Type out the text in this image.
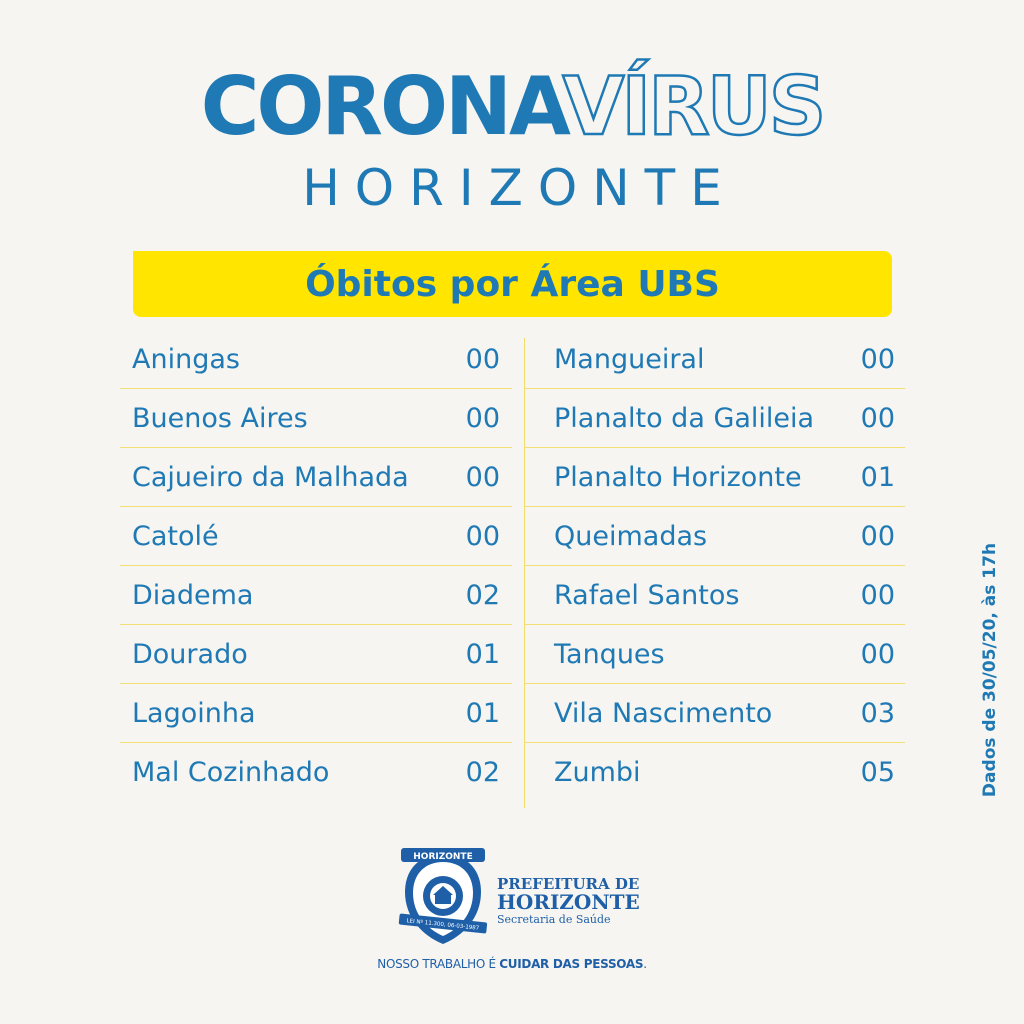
CORONAVÍRUS
HORIZONTE
Óbitos por Área UBS
Aningas	00
Buenos Aires	00
Cajueiro da Malhada 00
Catolé	00
Diadema	02
Dourado	01
Lagoinha	01
Mal Cozinhado	02
Mangueiral	00
Planalto da Galileia 00
Planalto Horizonte 01
Queimadas	00
Rafael Santos	00
Tanques	00
Vila Nascimento	03
Zumbi	05	Dados de 30/05/20, às 17h
HORIZONTE
LEI Nº 11.300, 06-03-1987
PREFEITURA DE
HORIZONTE
Secretaria de Saúde
NOSSO TRABALHO É CUIDAR DAS PESSOAS.
